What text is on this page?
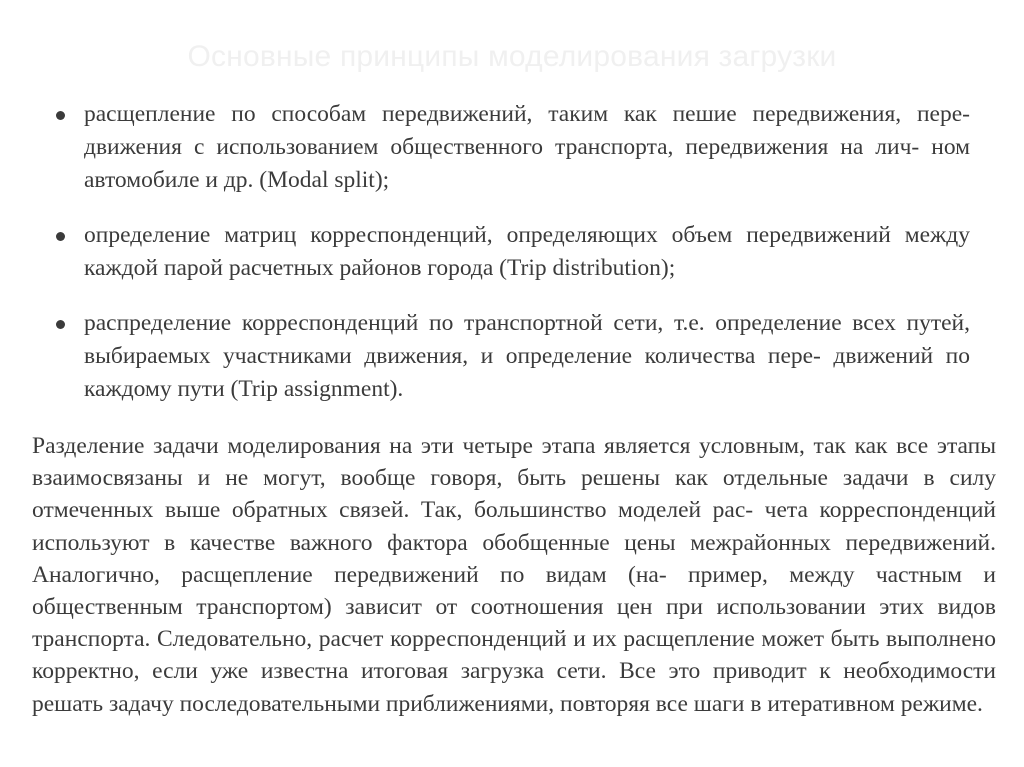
Основные принципы моделирования загрузки
расщепление по способам передвижений, таким как пешие передвижения, пере- движения с использованием общественного транспорта, передвижения на лич- ном автомобиле и др. (Modal split);
определение матриц корреспонденций, определяющих объем передвижений между каждой парой расчетных районов города (Trip distribution);
распределение корреспонденций по транспортной сети, т.е. определение всех путей, выбираемых участниками движения, и определение количества пере- движений по каждому пути (Trip assignment).

Разделение задачи моделирования на эти четыре этапа является условным, так как все этапы взаимосвязаны и не могут, вообще говоря, быть решены как отдельные задачи в силу отмеченных выше обратных связей. Так, большинство моделей рас- чета корреспонденций используют в качестве важного фактора обобщенные цены межрайонных передвижений. Аналогично, расщепление передвижений по видам (на- пример, между частным и общественным транспортом) зависит от соотношения цен при использовании этих видов транспорта. Следовательно, расчет корреспонденций и их расщепление может быть выполнено корректно, если уже известна итоговая загрузка сети. Все это приводит к необходимости решать задачу последовательными приближениями, повторяя все шаги в итеративном режиме.
